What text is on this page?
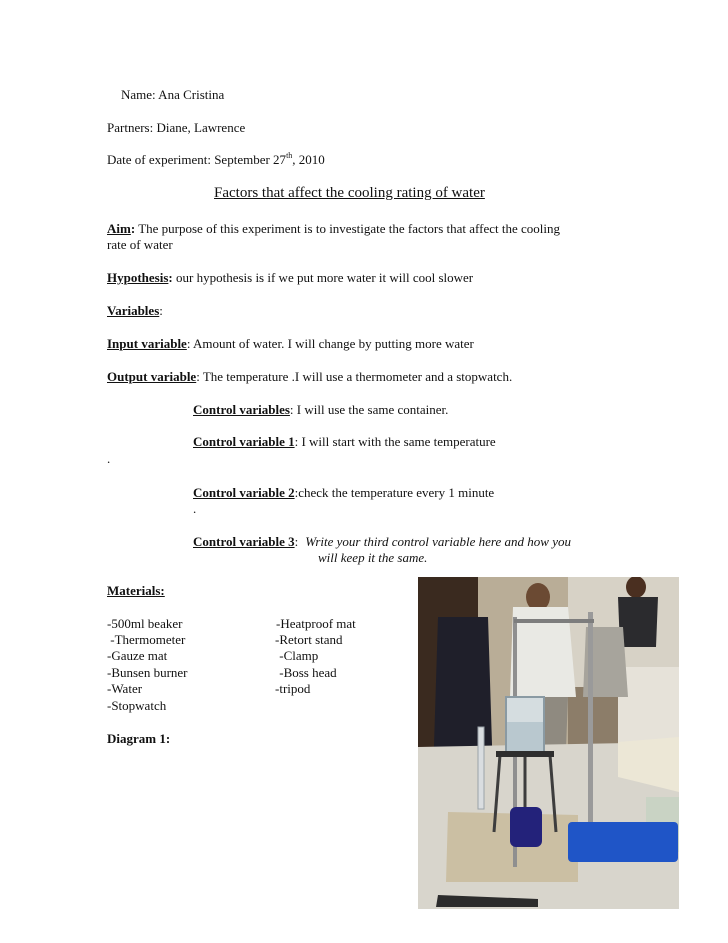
Name: Ana Cristina
Partners: Diane, Lawrence
Date of experiment: September 27th, 2010
Factors that affect the cooling rating of water
Aim: The purpose of this experiment is to investigate the factors that affect the cooling
rate of water
Hypothesis: our hypothesis is if we put more water it will cool slower
Variables:
Input variable: Amount of water. I will change by putting more water
Output variable: The temperature .I will use a thermometer and a stopwatch.
Control variables: I will use the same container.
Control variable 1: I will start with the same temperature
.
Control variable 2:check the temperature every 1 minute
.
Control variable 3: Write your third control variable here and how you
will keep it the same.
Materials:
-500ml beaker
-Thermometer
-Gauze mat
-Bunsen burner
-Water
-Stopwatch
-Heatproof mat
-Retort stand
-Clamp
-Boss head
-tripod
Diagram 1:
